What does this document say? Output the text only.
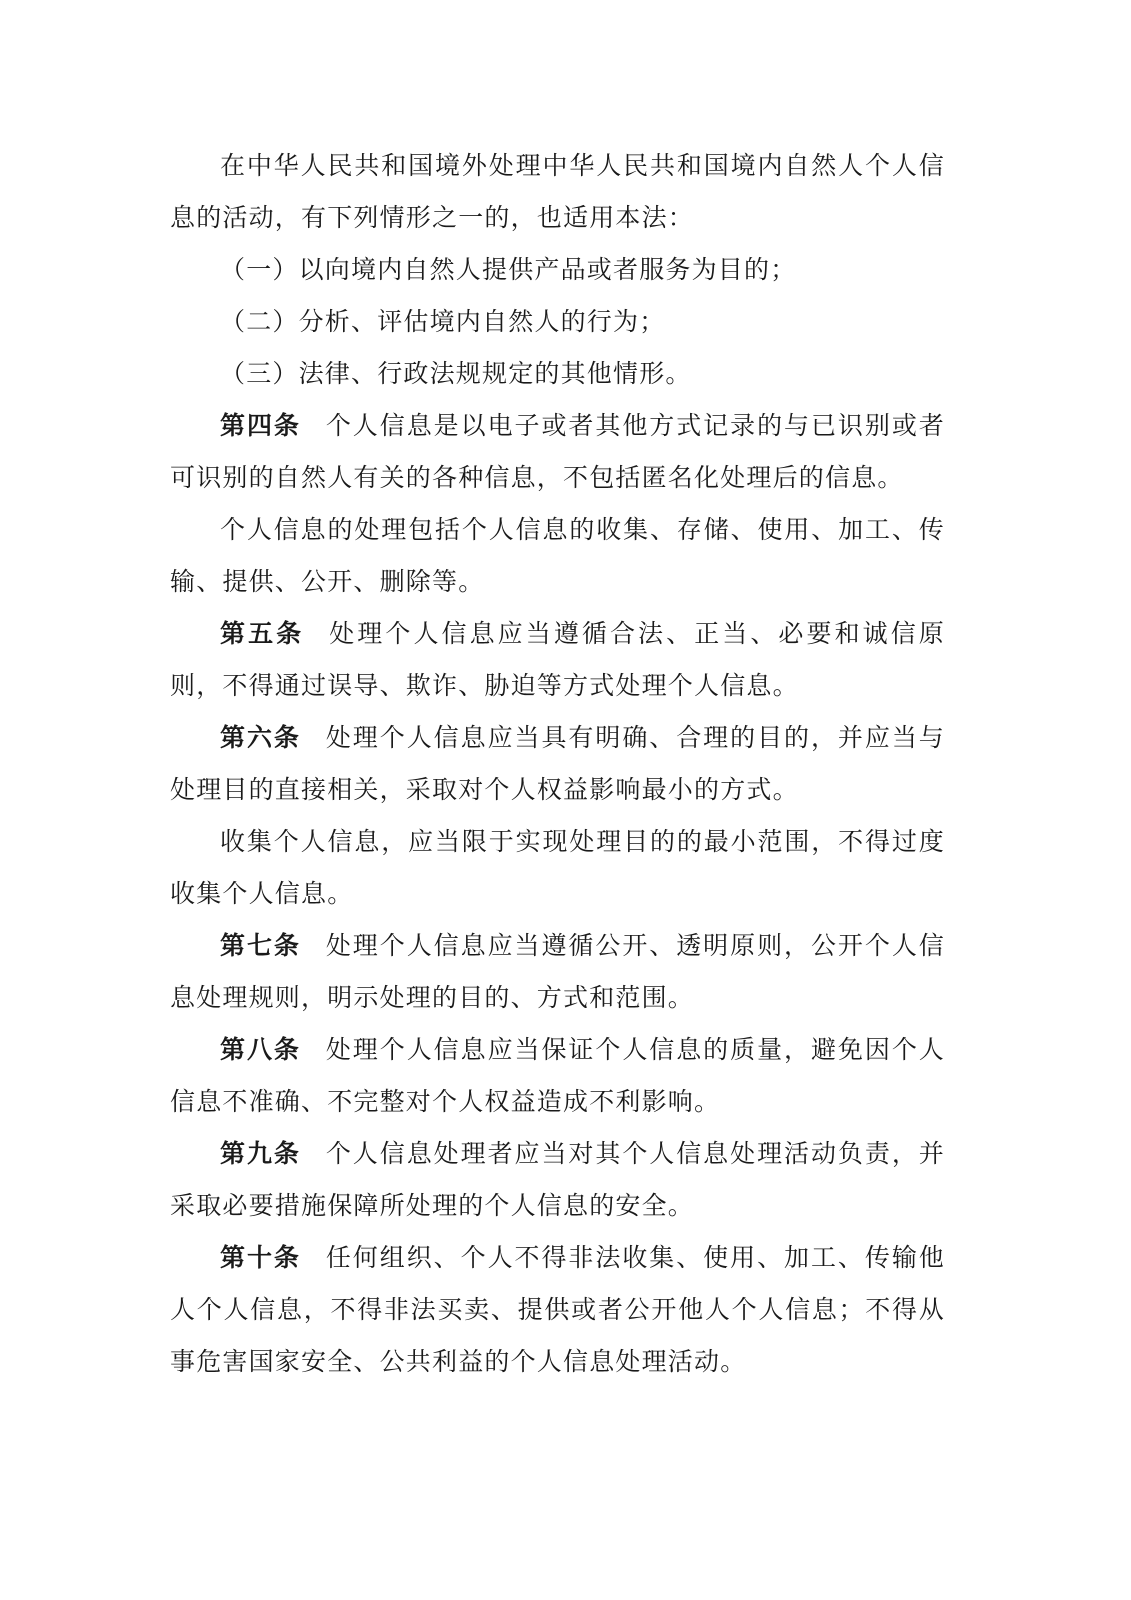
在中华人民共和国境外处理中华人民共和国境内自然人个人信息的活动，有下列情形之一的，也适用本法：

（一）以向境内自然人提供产品或者服务为目的；

（二）分析、评估境内自然人的行为；

（三）法律、行政法规规定的其他情形。

第四条 个人信息是以电子或者其他方式记录的与已识别或者可识别的自然人有关的各种信息，不包括匿名化处理后的信息。

个人信息的处理包括个人信息的收集、存储、使用、加工、传输、提供、公开、删除等。

第五条 处理个人信息应当遵循合法、正当、必要和诚信原则，不得通过误导、欺诈、胁迫等方式处理个人信息。

第六条 处理个人信息应当具有明确、合理的目的，并应当与处理目的直接相关，采取对个人权益影响最小的方式。

收集个人信息，应当限于实现处理目的的最小范围，不得过度收集个人信息。

第七条 处理个人信息应当遵循公开、透明原则，公开个人信息处理规则，明示处理的目的、方式和范围。

第八条 处理个人信息应当保证个人信息的质量，避免因个人信息不准确、不完整对个人权益造成不利影响。

第九条 个人信息处理者应当对其个人信息处理活动负责，并采取必要措施保障所处理的个人信息的安全。

第十条 任何组织、个人不得非法收集、使用、加工、传输他人个人信息，不得非法买卖、提供或者公开他人个人信息；不得从事危害国家安全、公共利益的个人信息处理活动。
